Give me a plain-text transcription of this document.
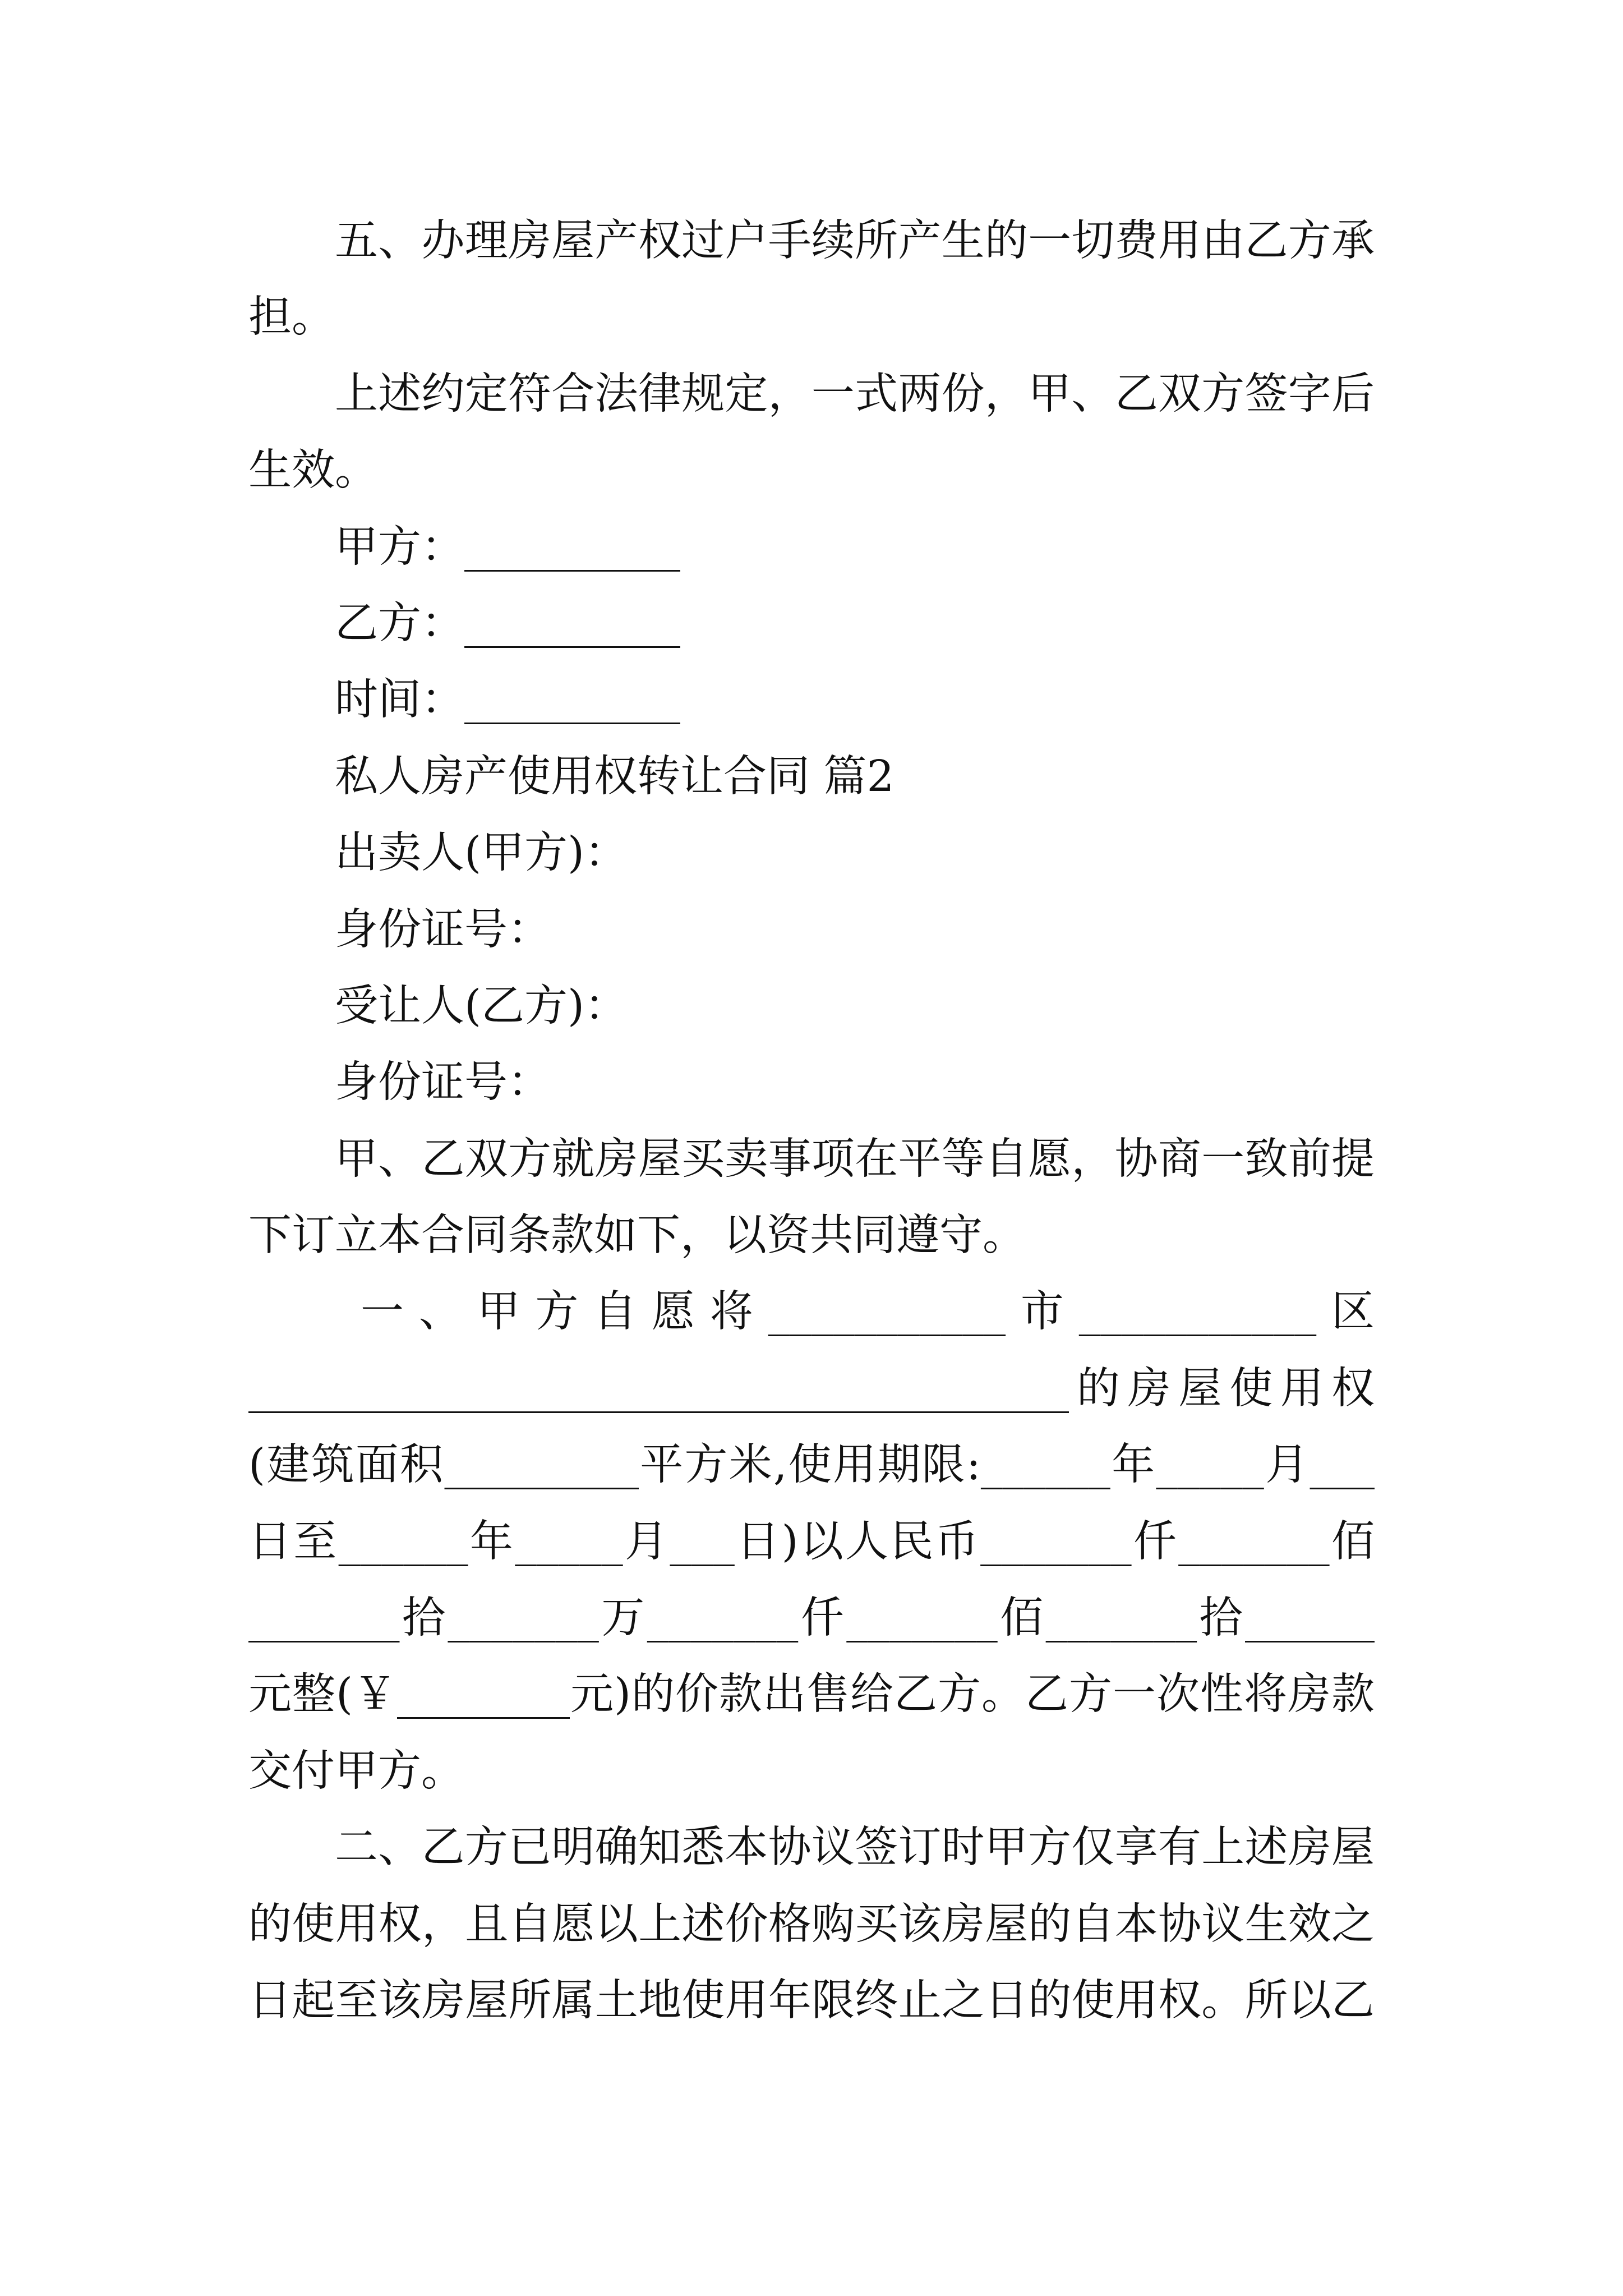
五、办理房屋产权过户手续所产生的一切费用由乙方承
担。
上述约定符合法律规定，一式两份，甲、乙双方签字后
生效。
甲方：__________
乙方：__________
时间：__________
私人房产使用权转让合同 篇2
出卖人(甲方)：
身份证号：
受让人(乙方)：
身份证号：
甲、乙双方就房屋买卖事项在平等自愿，协商一致前提
下订立本合同条款如下，以资共同遵守。
一、甲方自愿将___________市___________区
______________________________________的房屋使用权
(建筑面积_________平方米,使用期限:______年_____月___
日至______年_____月___日)以人民币_______仟_______佰
_______拾_______万_______仟_______佰_______拾______
元整(￥________元)的价款出售给乙方。乙方一次性将房款
交付甲方。
二、乙方已明确知悉本协议签订时甲方仅享有上述房屋
的使用权，且自愿以上述价格购买该房屋的自本协议生效之
日起至该房屋所属土地使用年限终止之日的使用权。所以乙
